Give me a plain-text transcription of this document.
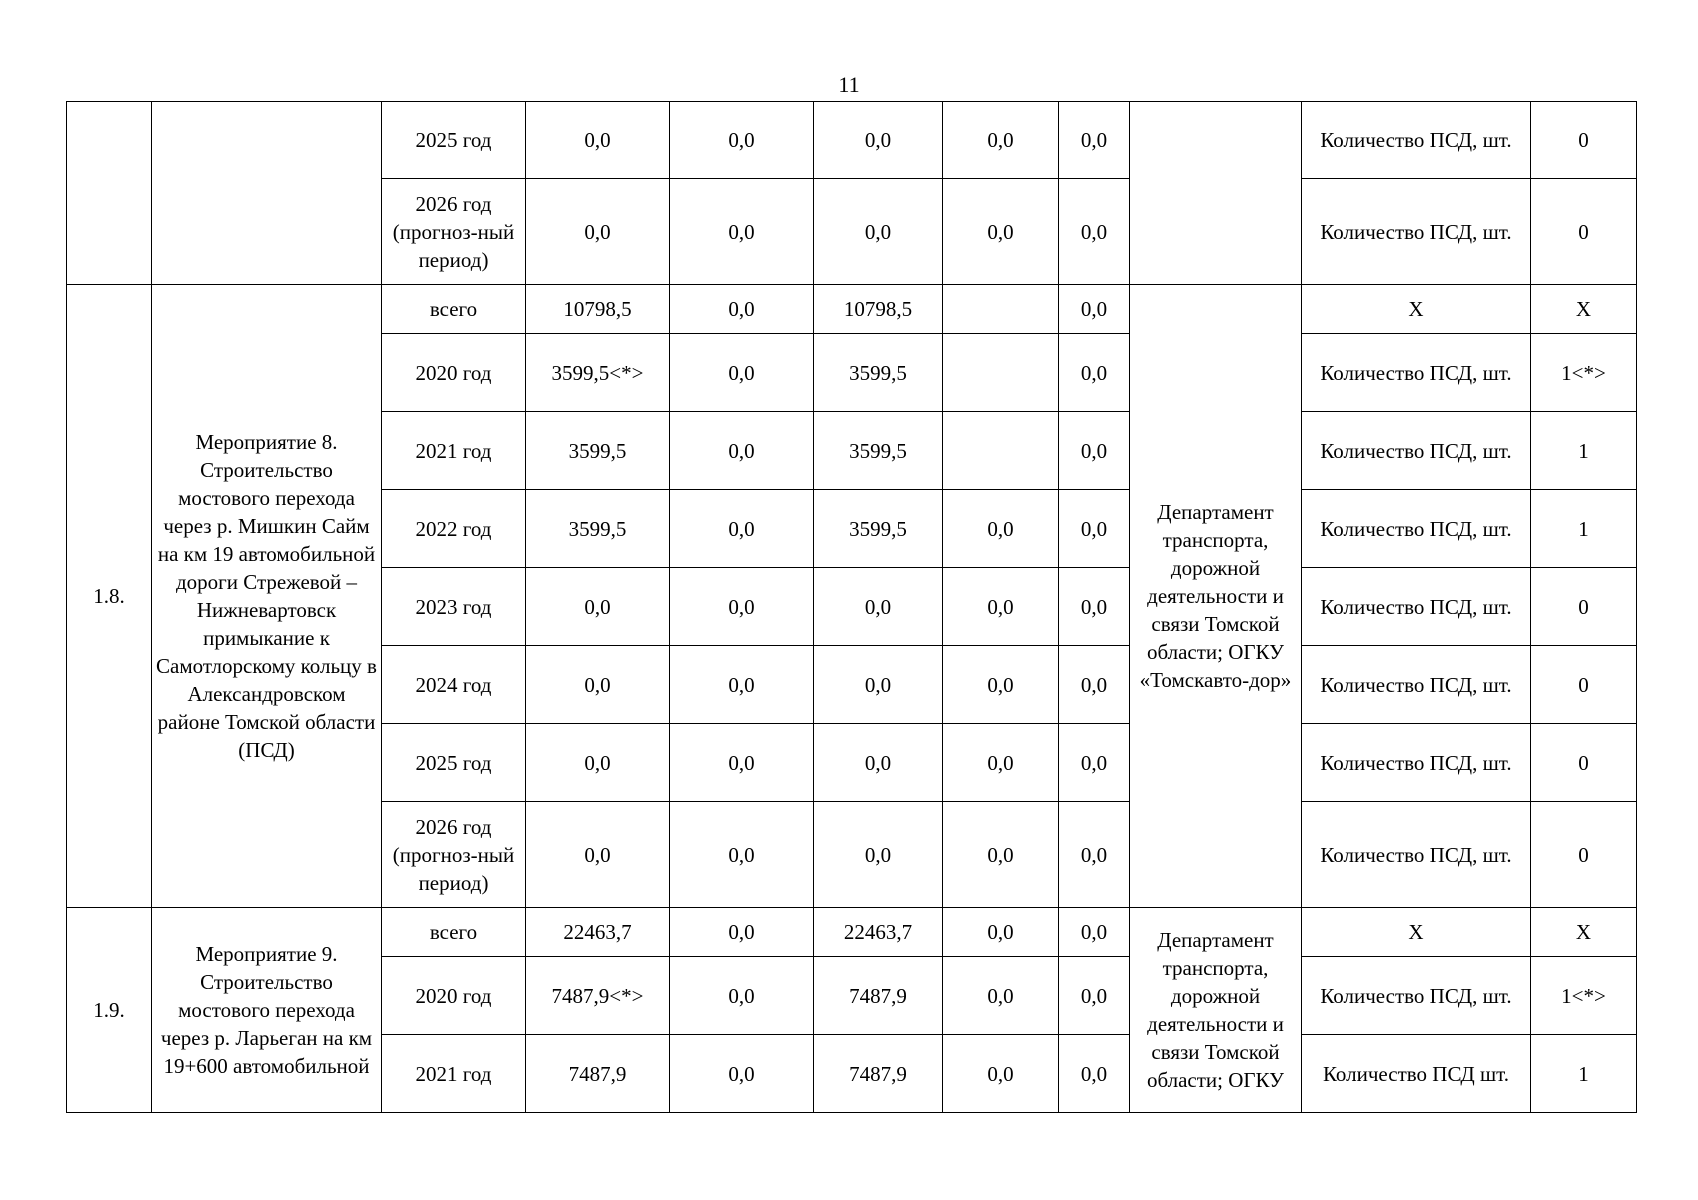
11
		2025 год	0,0	0,0	0,0	0,0	0,0		Количество ПСД, шт.	0
		2026 год (прогноз-ный период)	0,0	0,0	0,0	0,0	0,0		Количество ПСД, шт.	0
1.8.	Мероприятие 8. Строительство мостового перехода через р. Мишкин Сайм на км 19 автомобильной дороги Стрежевой – Нижневартовск примыкание к Самотлорскому кольцу в Александровском районе Томской области (ПСД)	всего	10798,5	0,0	10798,5		0,0	Департамент транспорта, дорожной деятельности и связи Томской области; ОГКУ «Томскавто-дор»	Х	Х
		2020 год	3599,5<*>	0,0	3599,5		0,0		Количество ПСД, шт.	1<*>
		2021 год	3599,5	0,0	3599,5		0,0		Количество ПСД, шт.	1
		2022 год	3599,5	0,0	3599,5	0,0	0,0		Количество ПСД, шт.	1
		2023 год	0,0	0,0	0,0	0,0	0,0		Количество ПСД, шт.	0
		2024 год	0,0	0,0	0,0	0,0	0,0		Количество ПСД, шт.	0
		2025 год	0,0	0,0	0,0	0,0	0,0		Количество ПСД, шт.	0
		2026 год (прогноз-ный период)	0,0	0,0	0,0	0,0	0,0		Количество ПСД, шт.	0
1.9.	Мероприятие 9. Строительство мостового перехода через р. Ларьеган на км 19+600 автомобильной	всего	22463,7	0,0	22463,7	0,0	0,0	Департамент транспорта, дорожной деятельности и связи Томской области; ОГКУ	Х	Х
		2020 год	7487,9<*>	0,0	7487,9	0,0	0,0		Количество ПСД, шт.	1<*>
		2021 год	7487,9	0,0	7487,9	0,0	0,0		Количество ПСД шт.	1
